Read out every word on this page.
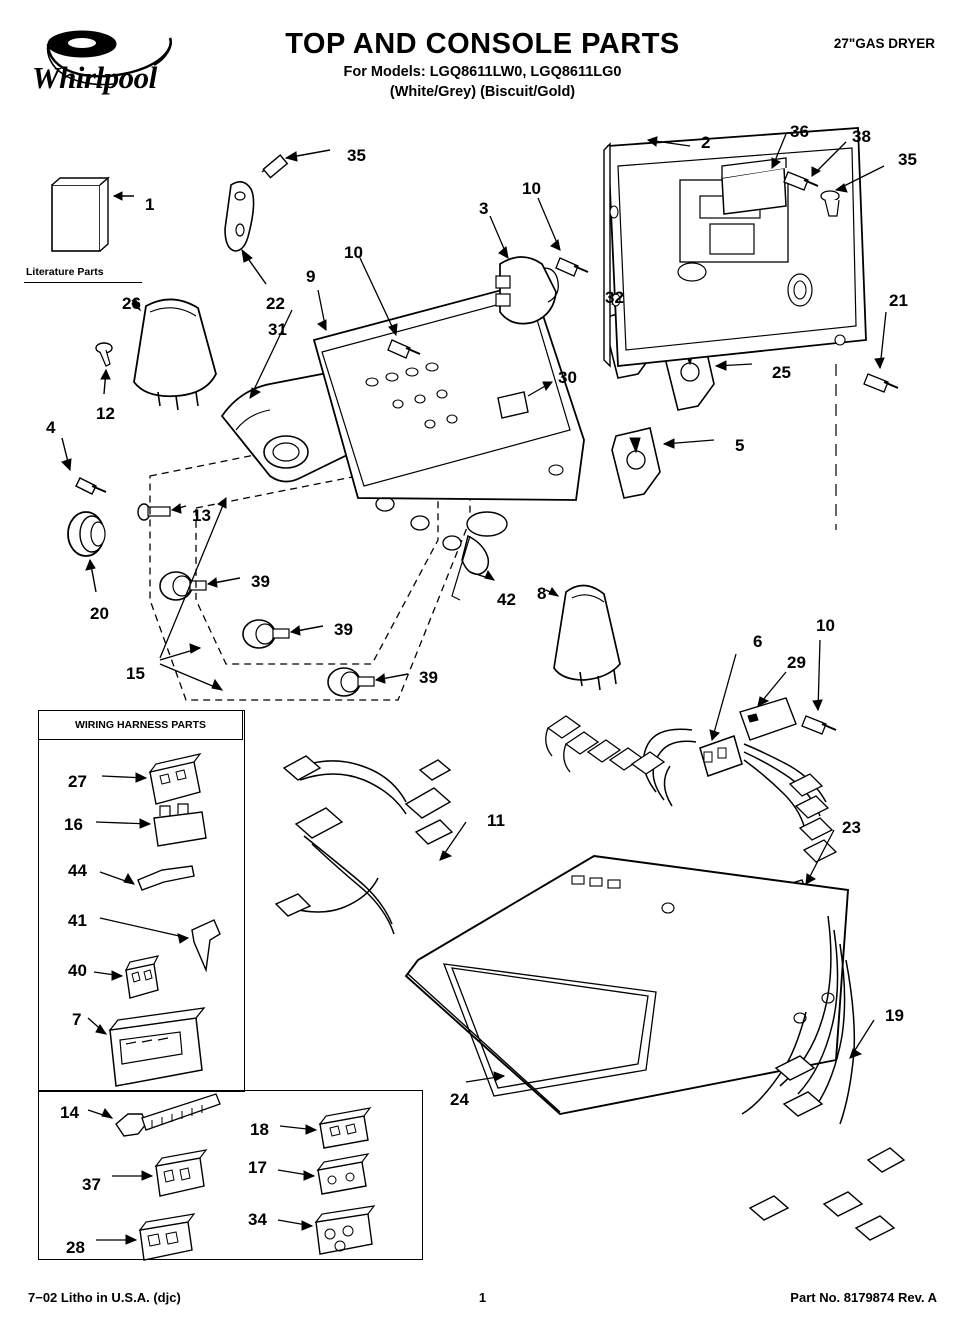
Whirlpool
TOP AND CONSOLE PARTS
For Models: LGQ8611LW0, LGQ8611LG0
(White/Grey) (Biscuit/Gold)
27"GAS DRYER
WIRING HARNESS PARTS
Literature Parts
1
35
3
10
2
36	38
35
10
9
32	21
22
31
26
30	25
12
4
5
13
39
20
42 8
39
15	39
6
29
10
23
11
19
24
27
16
44
41
40
7
14
37
28
18
17
34
7−02 Litho in U.S.A. (djc)	1	Part No. 8179874 Rev. A
